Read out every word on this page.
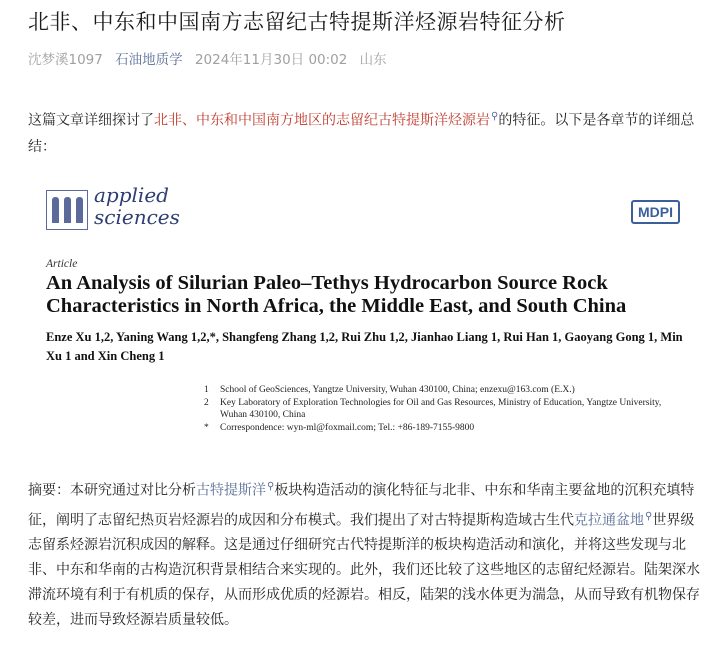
北非、中东和中国南方志留纪古特提斯洋烃源岩特征分析
沈梦溪1097 石油地质学 2024年11月30日 00:02 山东

这篇文章详细探讨了北非、中东和中国南方地区的志留纪古特提斯洋烃源岩⚲的特征。以下是各章节的详细总结：

applied
sciences	MDPI
Article
An Analysis of Silurian Paleo–Tethys Hydrocarbon Source Rock Characteristics in North Africa, the Middle East, and South China
Enze Xu 1,2, Yaning Wang 1,2,*, Shangfeng Zhang 1,2, Rui Zhu 1,2, Jianhao Liang 1, Rui Han 1, Gaoyang Gong 1, Min Xu 1 and Xin Cheng 1
1	School of GeoSciences, Yangtze University, Wuhan 430100, China; enzexu@163.com (E.X.)
2	Key Laboratory of Exploration Technologies for Oil and Gas Resources, Ministry of Education, Yangtze University, Wuhan 430100, China
*	Correspondence: wyn-ml@foxmail.com; Tel.: +86-189-7155-9800

摘要：本研究通过对比分析古特提斯洋⚲板块构造活动的演化特征与北非、中东和华南主要盆地的沉积充填特征，阐明了志留纪热页岩烃源岩的成因和分布模式。我们提出了对古特提斯构造域古生代克拉通盆地⚲世界级志留系烃源岩沉积成因的解释。这是通过仔细研究古代特提斯洋的板块构造活动和演化，并将这些发现与北非、中东和华南的古构造沉积背景相结合来实现的。此外，我们还比较了这些地区的志留纪烃源岩。陆架深水滞流环境有利于有机质的保存，从而形成优质的烃源岩。相反，陆架的浅水体更为湍急，从而导致有机物保存较差，进而导致烃源岩质量较低。
